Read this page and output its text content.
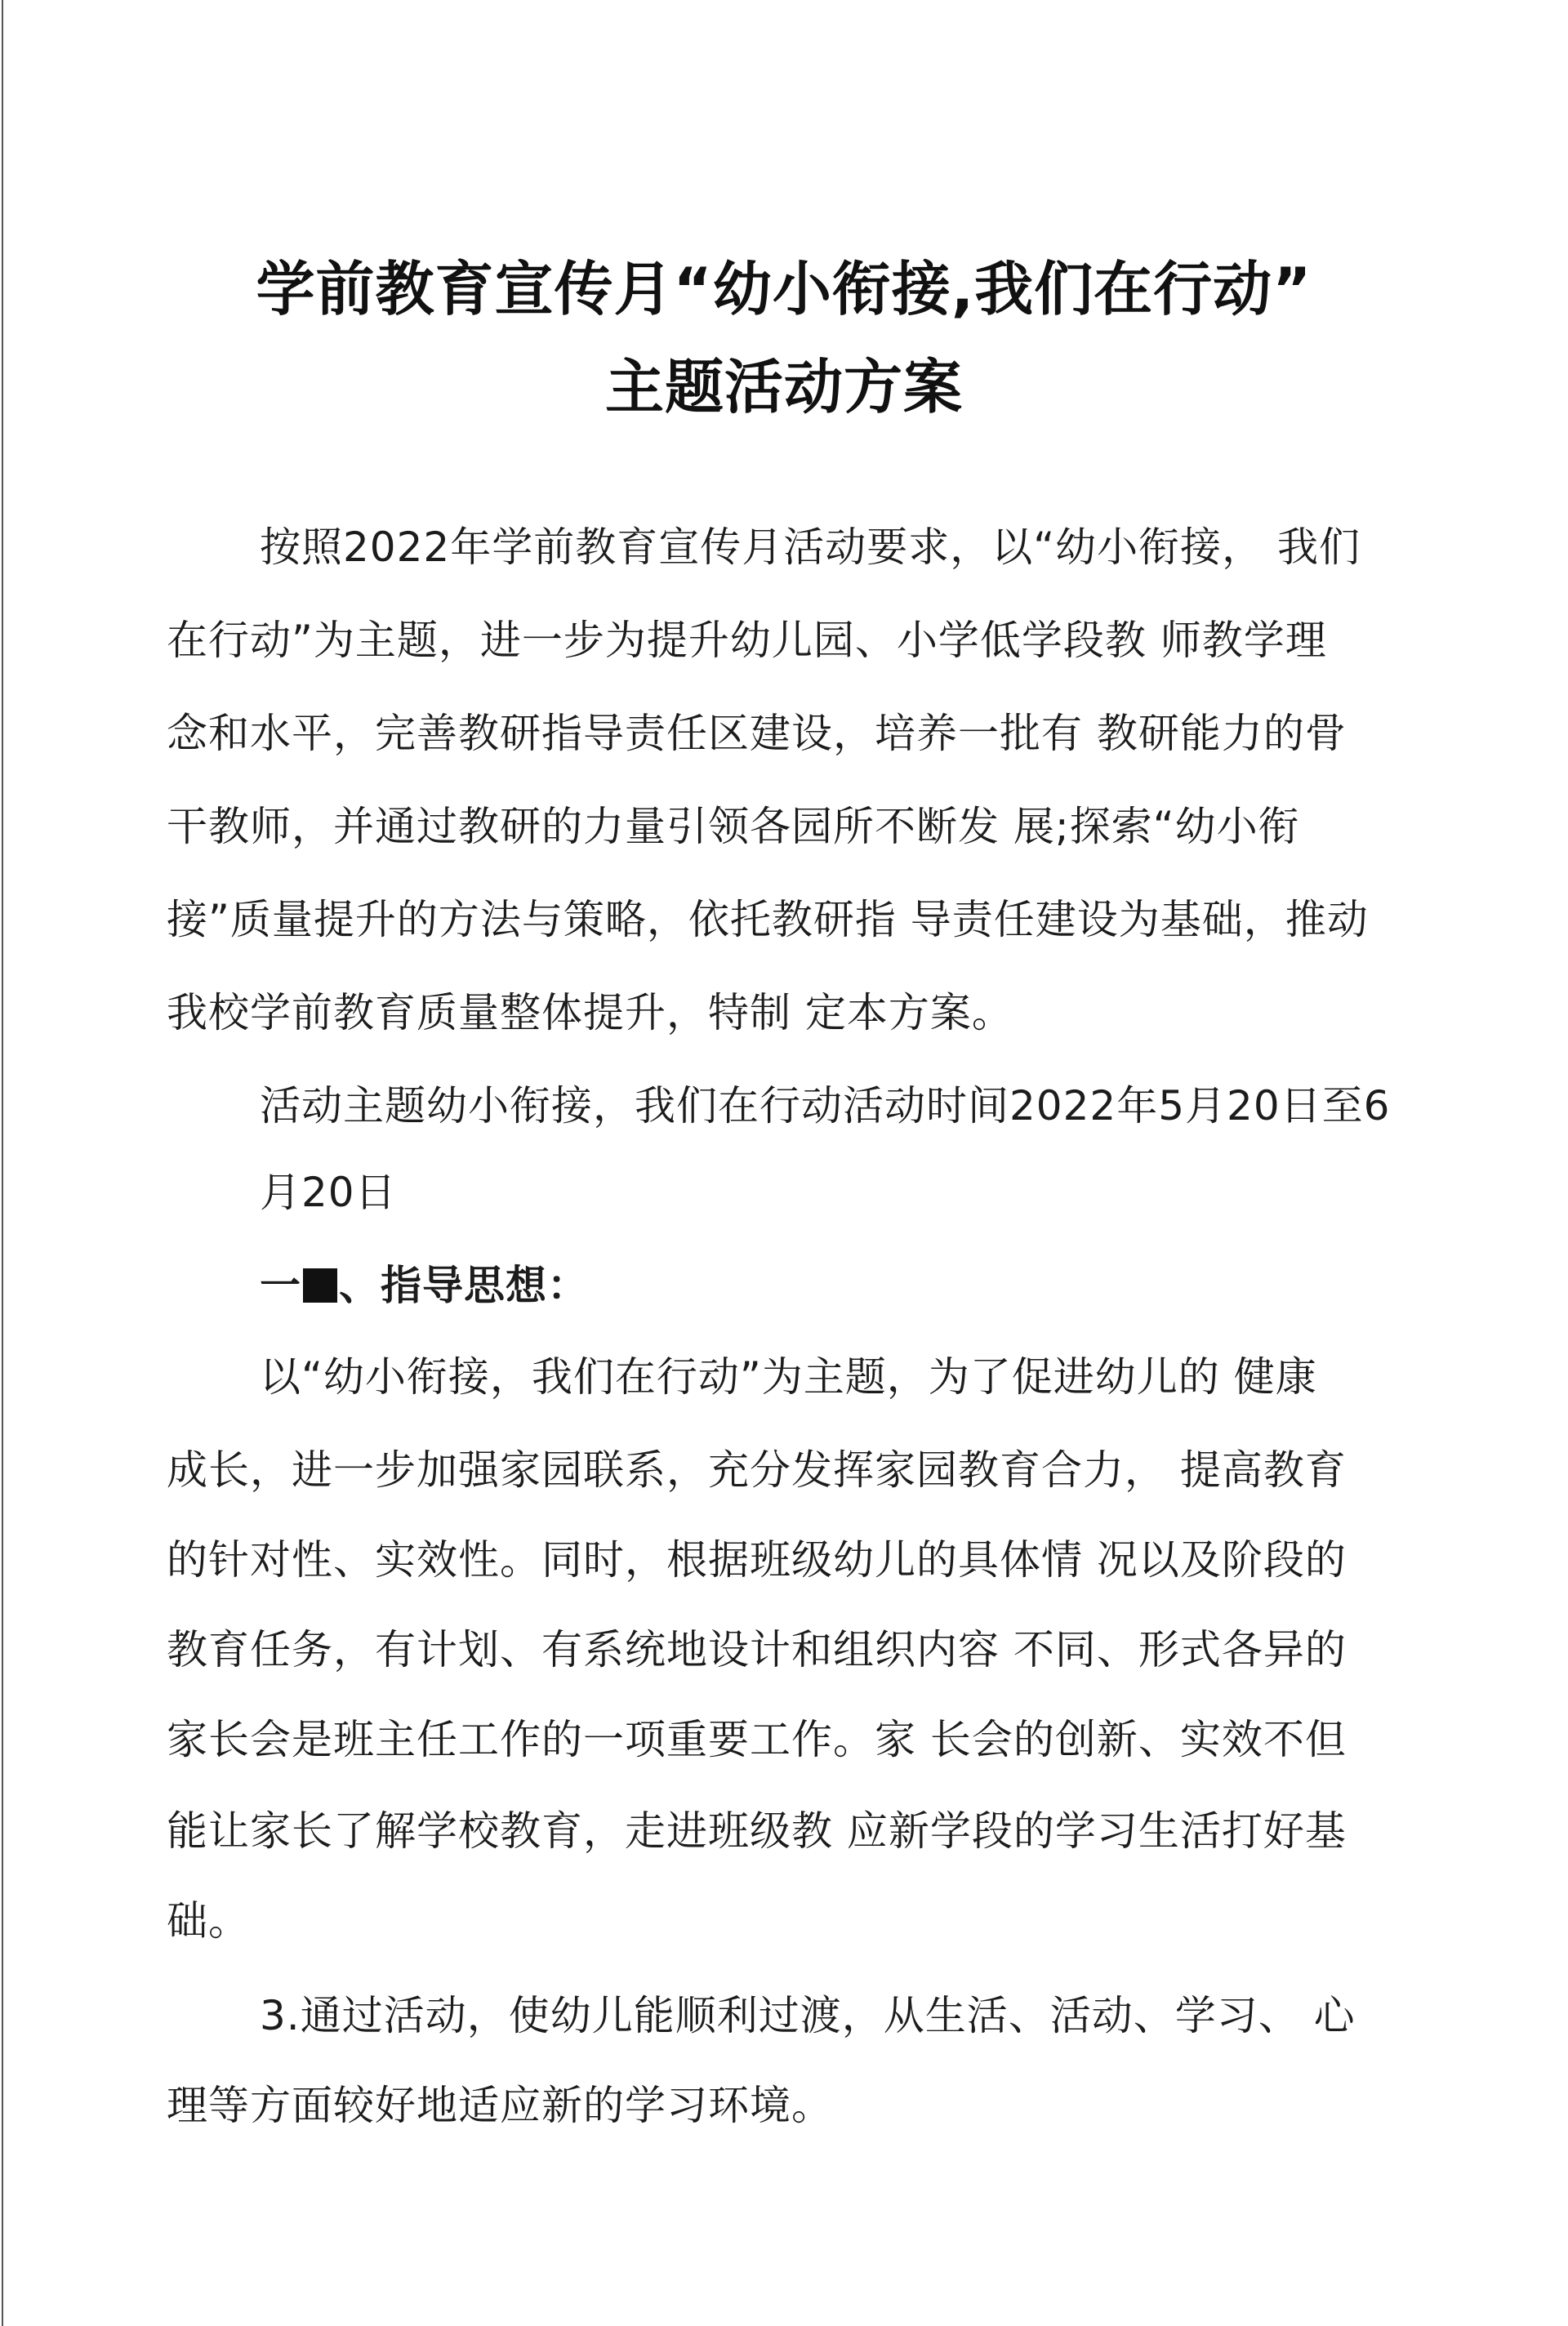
学前教育宣传月“幼小衔接,我们在行动”
主题活动方案
按照2022年学前教育宣传月活动要求，以“幼小衔接， 我们
在行动”为主题，进一步为提升幼儿园、小学低学段教 师教学理
念和水平，完善教研指导责任区建设，培养一批有 教研能力的骨
干教师，并通过教研的力量引领各园所不断发 展;探索“幼小衔
接”质量提升的方法与策略，依托教研指 导责任建设为基础，推动
我校学前教育质量整体提升，特制 定本方案。
活动主题幼小衔接，我们在行动活动时间2022年5月20日至6
月20日
一 、指导思想：
以“幼小衔接，我们在行动”为主题，为了促进幼儿的 健康
成长，进一步加强家园联系，充分发挥家园教育合力， 提高教育
的针对性、实效性。同时，根据班级幼儿的具体情 况以及阶段的
教育任务，有计划、有系统地设计和组织内容 不同、形式各异的
家长会是班主任工作的一项重要工作。家 长会的创新、实效不但
能让家长了解学校教育，走进班级教 应新学段的学习生活打好基
础。
3.通过活动，使幼儿能顺利过渡，从生活、活动、学习、 心
理等方面较好地适应新的学习环境。
